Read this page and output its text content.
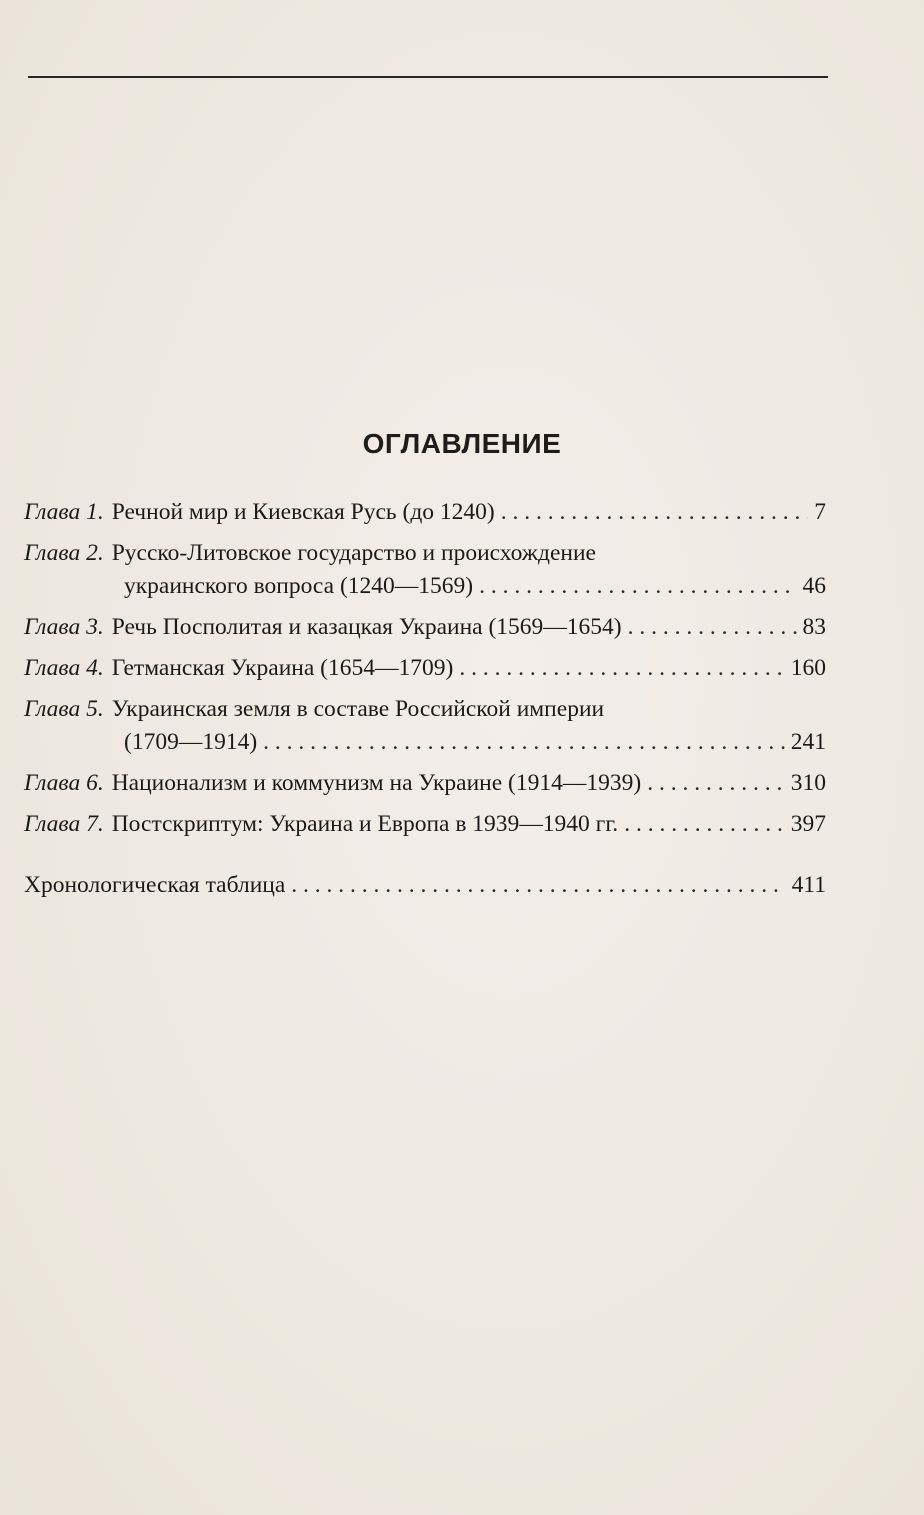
ОГЛАВЛЕНИЕ
Глава 1. Речной мир и Киевская Русь (до 1240) . . .	7
Глава 2. Русско-Литовское государство и происхождение
украинского вопроса (1240—1569) . . .	46
Глава 3. Речь Посполитая и казацкая Украина (1569—1654) . . .	83
Глава 4. Гетманская Украина (1654—1709) . . .	160
Глава 5. Украинская земля в составе Российской империи
(1709—1914) . . .	241
Глава 6. Национализм и коммунизм на Украине (1914—1939) . . .	310
Глава 7. Постскриптум: Украина и Европа в 1939—1940 гг. . . .	397
Хронологическая таблица . . .	411
